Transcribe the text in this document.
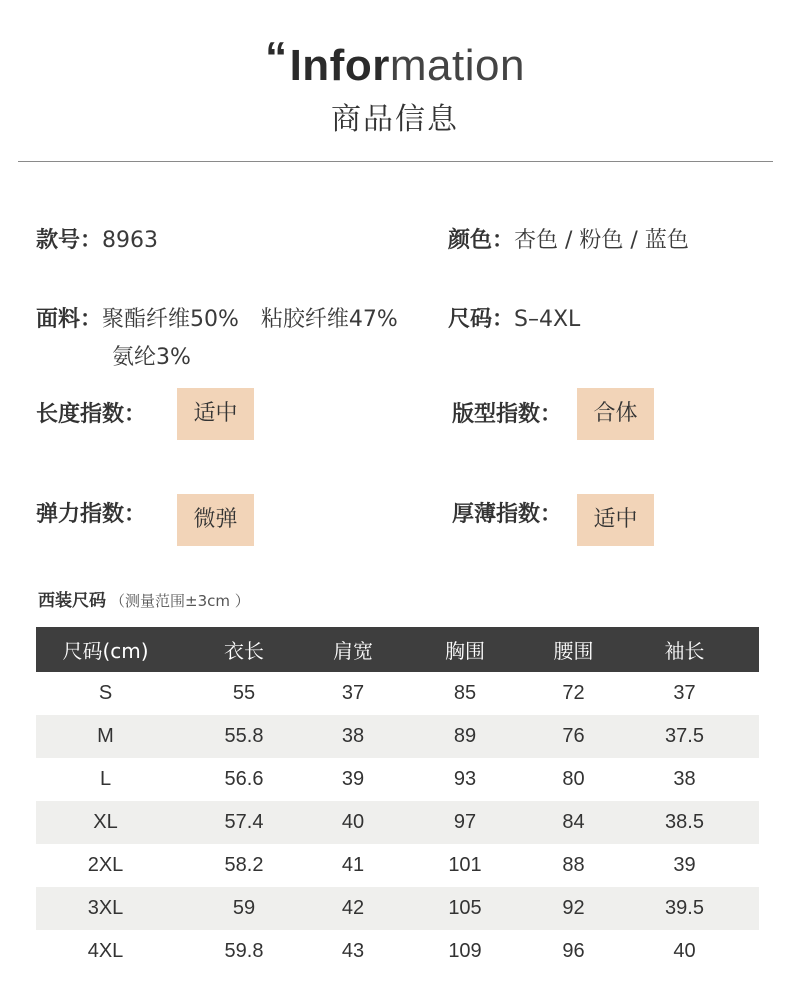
“Information
商品信息
款号：8963	颜色：杏色 / 粉色 / 蓝色
面料：聚酯纤维50%　粘胶纤维47%
氨纶3%
尺码：S–4XL
长度指数：	适中	版型指数：	合体
弹力指数：	微弹	厚薄指数：	适中
西装尺码 （测量范围±3cm ）
尺码(cm)	衣长	肩宽	胸围	腰围	袖长
S	55	37	85	72	37
M	55.8	38	89	76	37.5
L	56.6	39	93	80	38
XL	57.4	40	97	84	38.5
2XL	58.2	41	101	88	39
3XL	59	42	105	92	39.5
4XL	59.8	43	109	96	40
